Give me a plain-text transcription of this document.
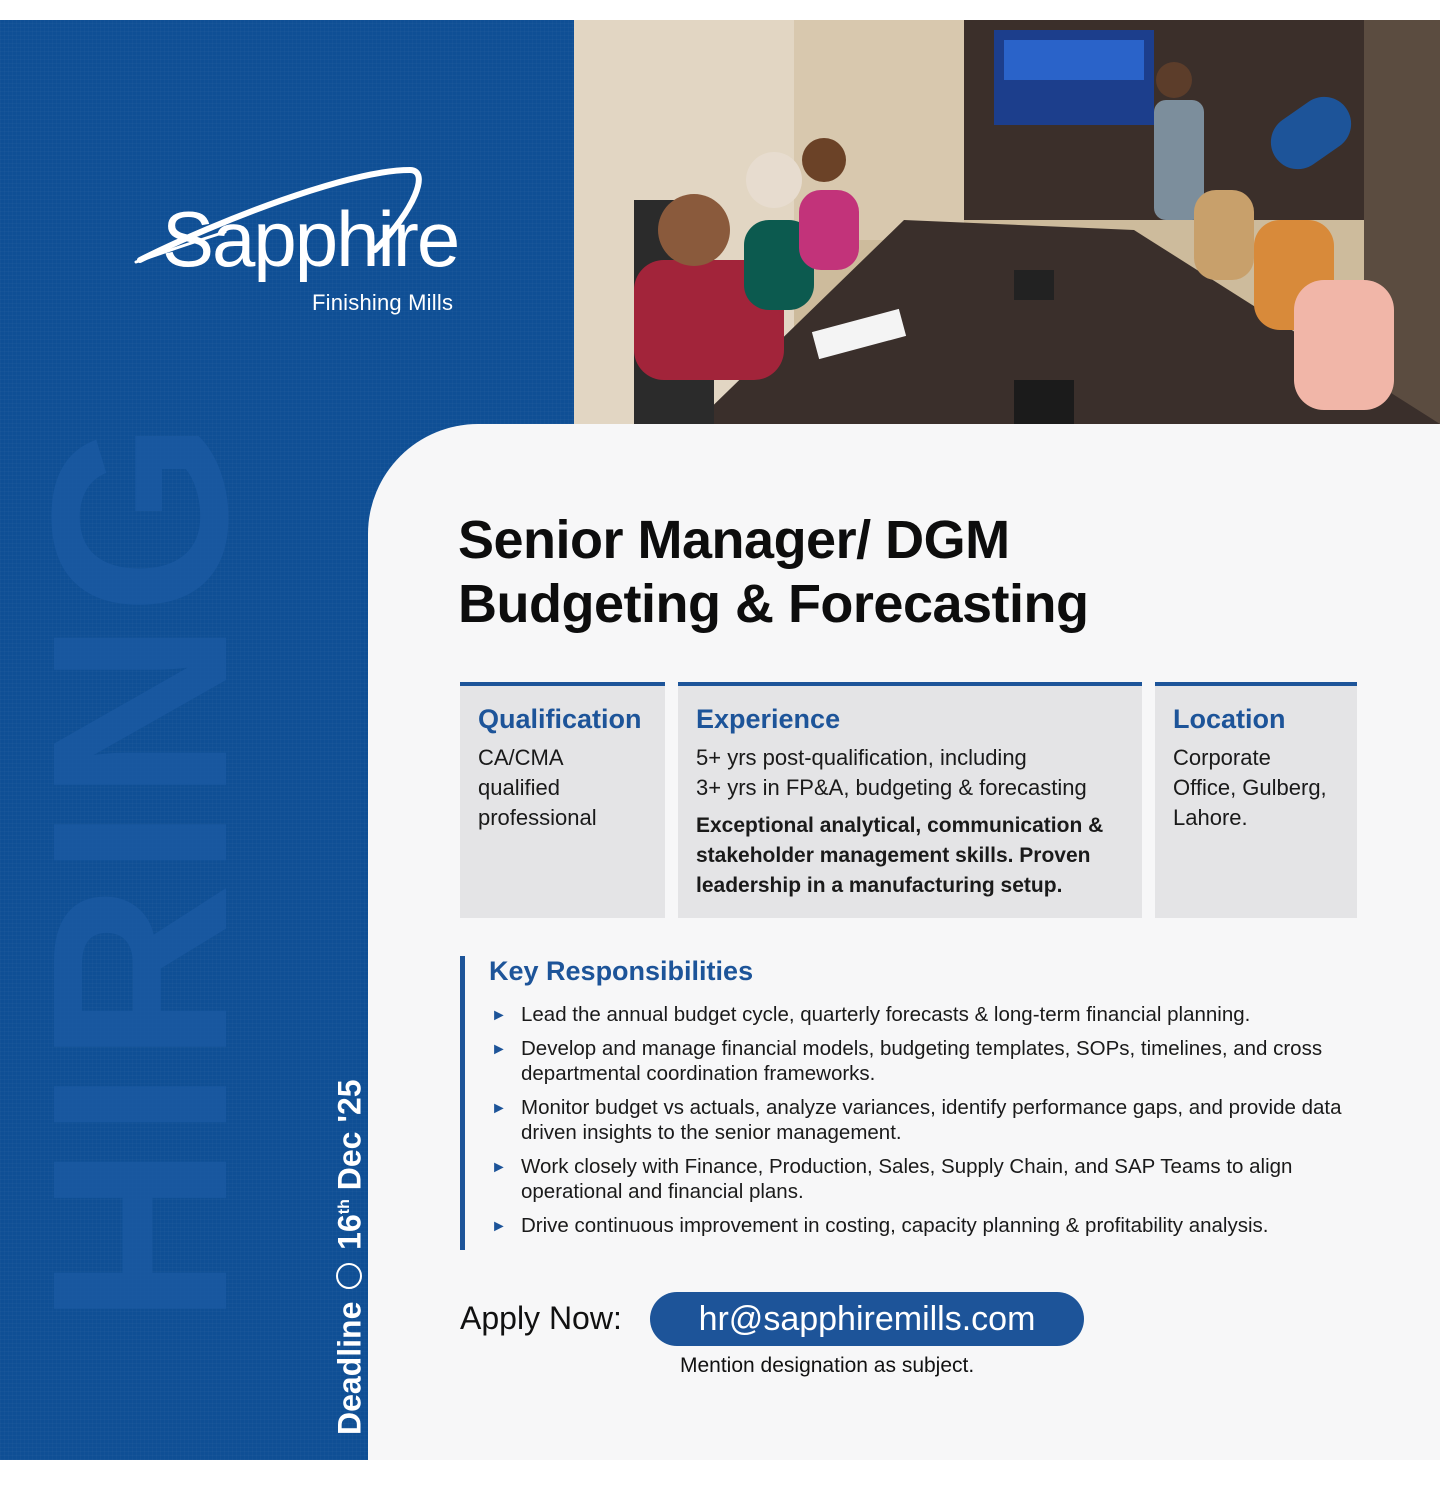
HIRING
Sapphire
Finishing Mills
Deadline  16th Dec '25
Senior Manager/ DGM
Budgeting & Forecasting
Qualification

CA/CMA

qualified

professional

Experience

5+ yrs post-qualification, including

3+ yrs in FP&A, budgeting & forecasting

Exceptional analytical, communication & stakeholder management skills. Proven leadership in a manufacturing setup.

Location

Corporate

Office, Gulberg,

Lahore.

Key Responsibilities
► Lead the annual budget cycle, quarterly forecasts & long-term financial planning.
► Develop and manage financial models, budgeting templates, SOPs, timelines, and cross departmental coordination frameworks.
► Monitor budget vs actuals, analyze variances, identify performance gaps, and provide data driven insights to the senior management.
► Work closely with Finance, Production, Sales, Supply Chain, and SAP Teams to align operational and financial plans.
► Drive continuous improvement in costing, capacity planning & profitability analysis.
Apply Now:	hr@sapphiremills.com
Mention designation as subject.
